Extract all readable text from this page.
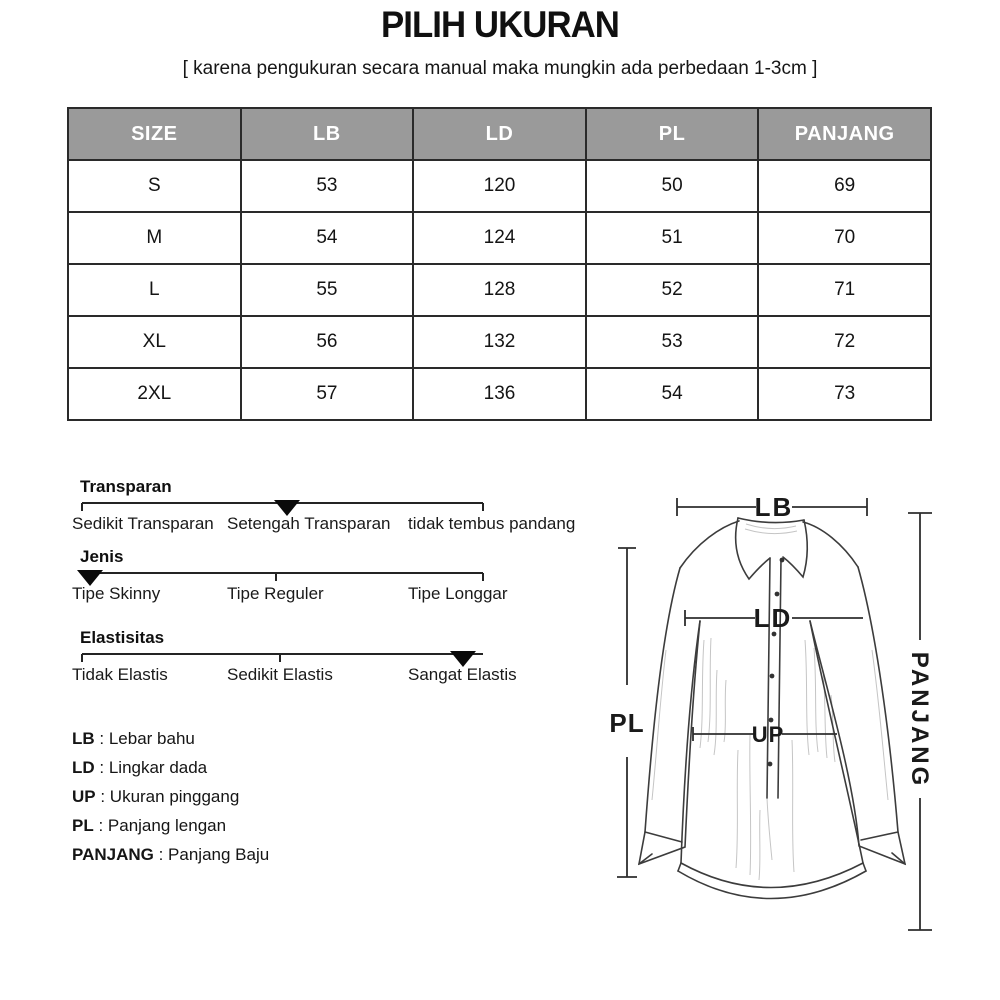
PILIH UKURAN
[ karena pengukuran secara manual maka mungkin ada perbedaan 1-3cm ]
SIZE	LB	LD	PL	PANJANG
S	53	120	50	69
M	54	124	51	70
L	55	128	52	71
XL	56	132	53	72
2XL	57	136	54	73
Transparan
Sedikit Transparan Setengah Transparan tidak tembus pandang
Jenis
Tipe Skinny	Tipe Reguler	Tipe Longgar
Elastisitas
Tidak Elastis	Sedikit Elastis	Sangat Elastis
LB : Lebar bahu
LD : Lingkar dada
UP : Ukuran pinggang
PL : Panjang lengan
PANJANG : Panjang Baju
LB
LD
UP
PL	PANJANG
